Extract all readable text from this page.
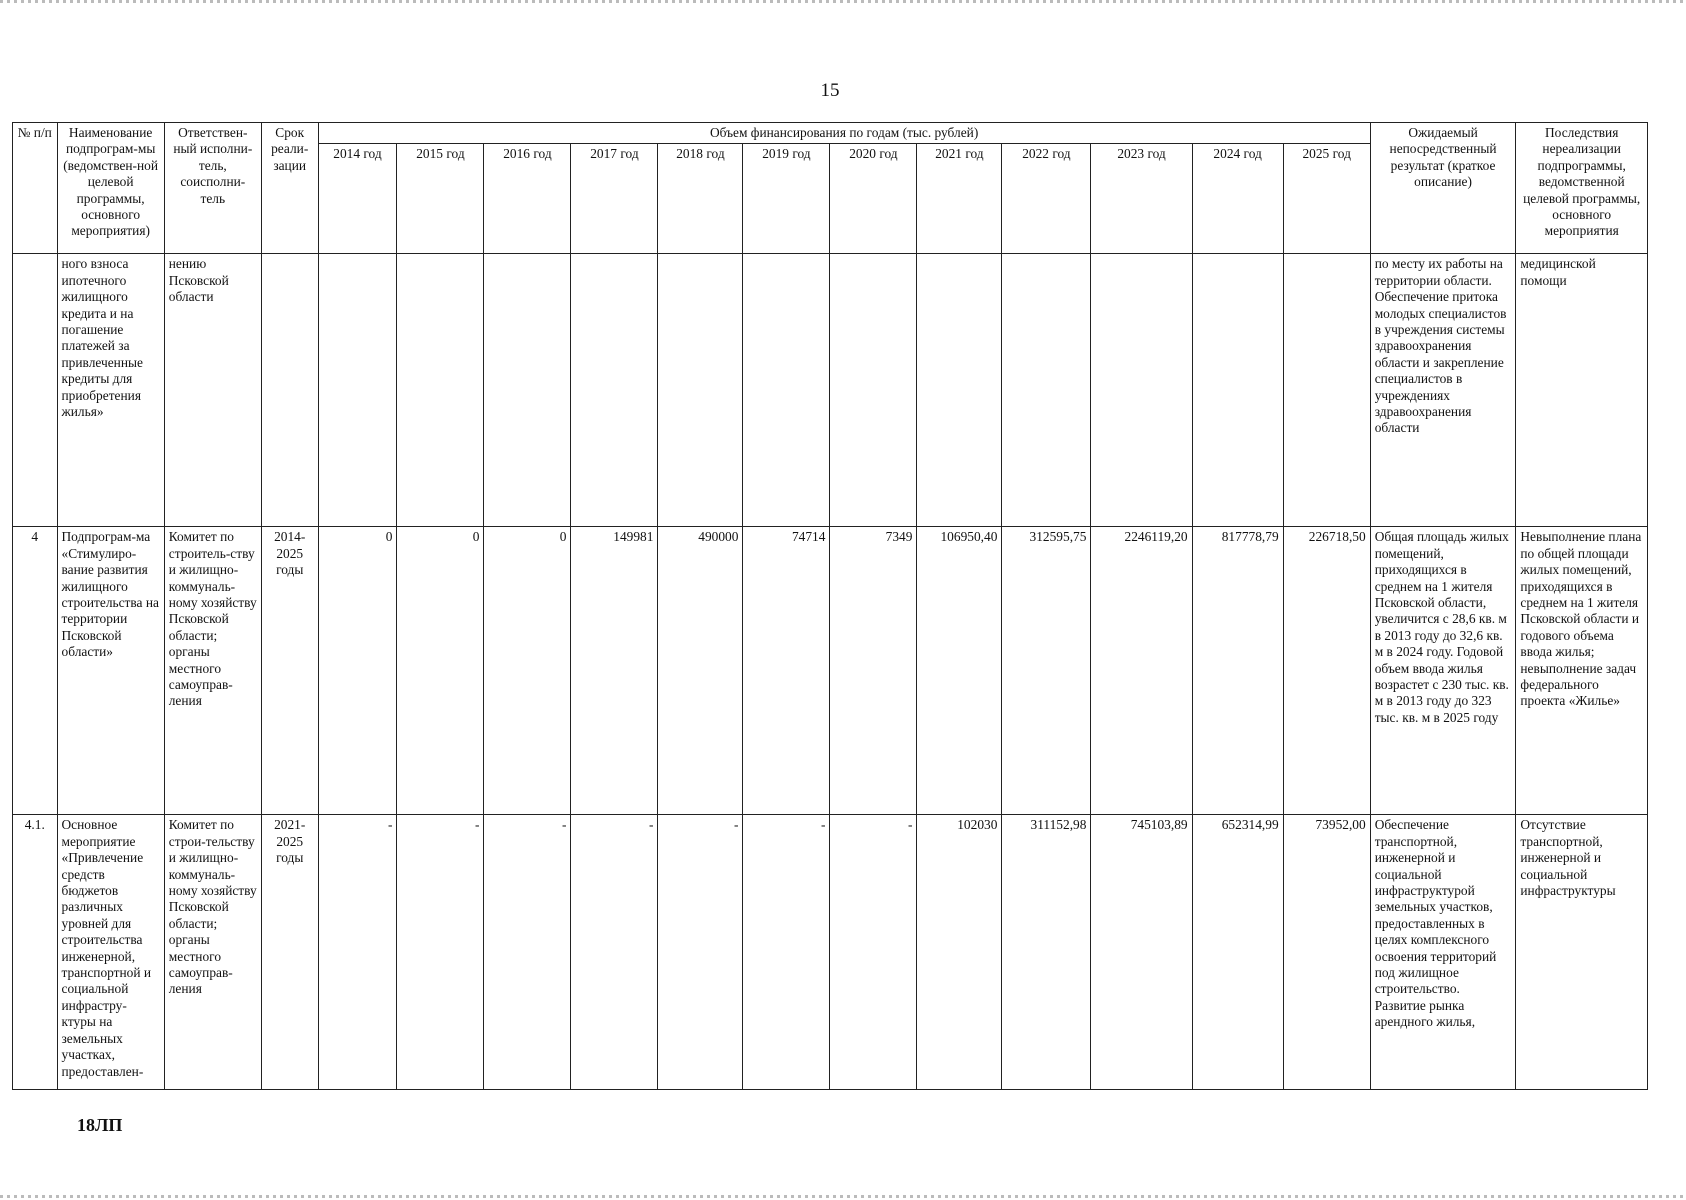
15
№ п/п	Наименование подпрограм-мы (ведомствен-ной целевой программы, основного мероприятия)	Ответствен-ный исполни-тель, соисполни-тель	Срок реали-зации	Объем финансирования по годам (тыс. рублей)												Ожидаемый непосредственный результат (краткое описание)	Последствия нереализации подпрограммы, ведомственной целевой программы, основного мероприятия
				2014 год	2015 год	2016 год	2017 год	2018 год	2019 год	2020 год	2021 год	2022 год	2023 год	2024 год	2025 год		
	ного взноса ипотечного жилищного кредита и на погашение платежей за привлеченные кредиты для приобретения жилья»	нению Псковской области														по месту их работы на территории области. Обеспечение притока молодых специалистов в учреждения системы здравоохранения области и закрепление специалистов в учреждениях здравоохранения области	медицинской помощи
4	Подпрограм-ма «Стимулиро-вание развития жилищного строительства на территории Псковской области»	Комитет по строитель-ству и жилищно-коммуналь-ному хозяйству Псковской области; органы местного самоуправ-ления	2014-2025 годы	0	0	0	149981	490000	74714	7349	106950,40	312595,75	2246119,20	817778,79	226718,50	Общая площадь жилых помещений, приходящихся в среднем на 1 жителя Псковской области, увеличится с 28,6 кв. м в 2013 году до 32,6 кв. м в 2024 году. Годовой объем ввода жилья возрастет с 230 тыс. кв. м в 2013 году до 323 тыс. кв. м в 2025 году	Невыполнение плана по общей площади жилых помещений, приходящихся в среднем на 1 жителя Псковской области и годового объема ввода жилья; невыполнение задач федерального проекта «Жилье»
4.1.	Основное мероприятие «Привлечение средств бюджетов различных уровней для строительства инженерной, транспортной и социальной инфрастру-ктуры на земельных участках, предоставлен-	Комитет по строи-тельству и жилищно-коммуналь-ному хозяйству Псковской области; органы местного самоуправ-ления	2021-2025 годы	-	-	-	-	-	-	-	102030	311152,98	745103,89	652314,99	73952,00	Обеспечение транспортной, инженерной и социальной инфраструктурой земельных участков, предоставленных в целях комплексного освоения территорий под жилищное строительство. Развитие рынка арендного жилья,	Отсутствие транспортной, инженерной и социальной инфраструктуры
18ЛП
